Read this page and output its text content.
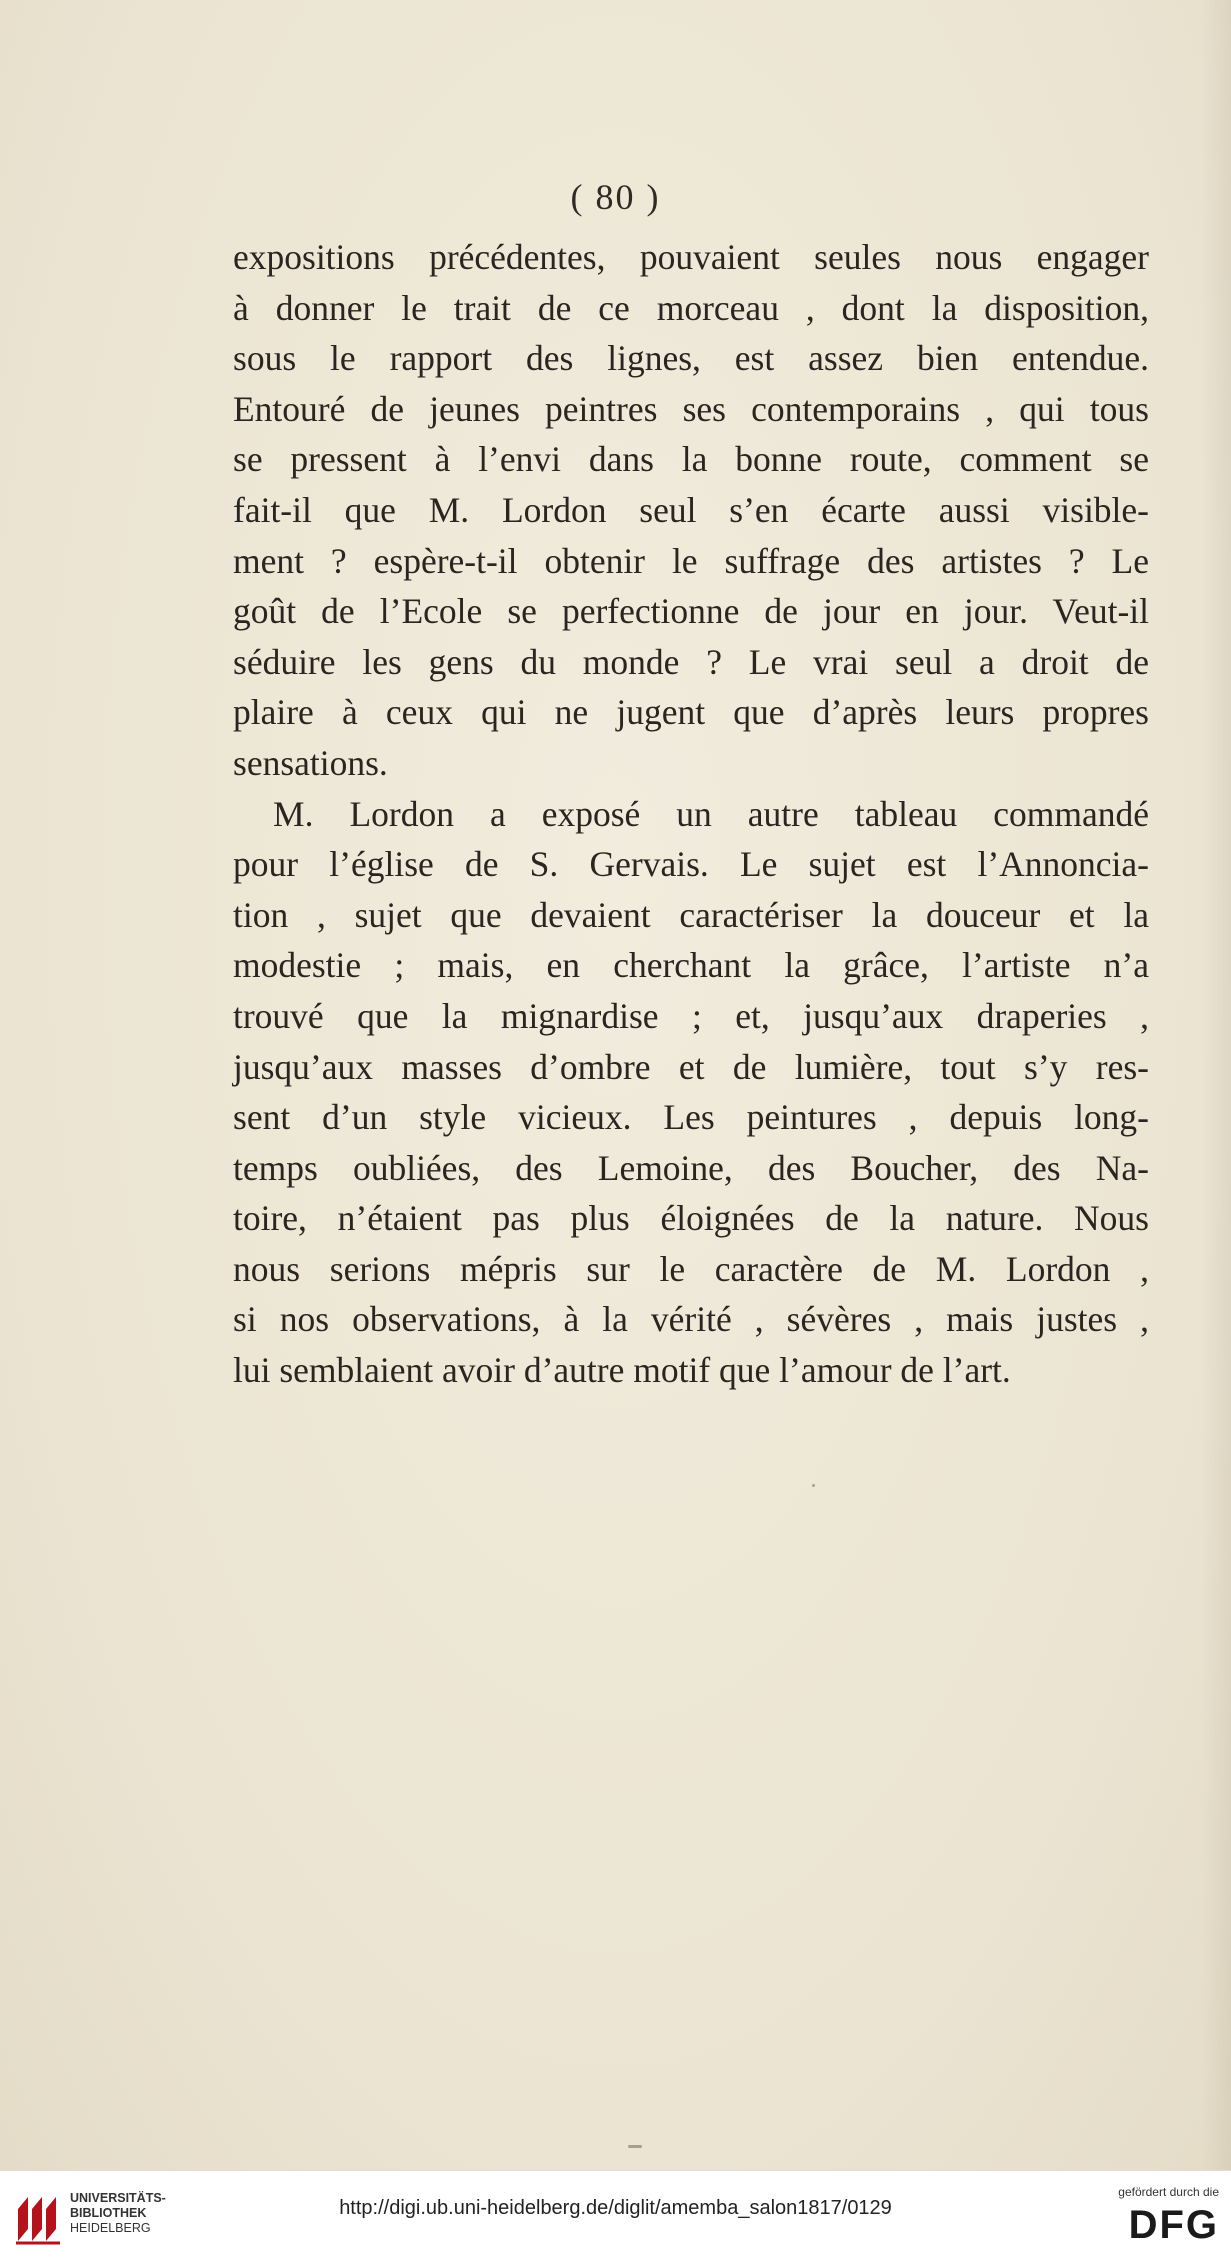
( 80 )

expositions précédentes, pouvaient seules nous engager
à donner le trait de ce morceau , dont la disposition,
sous le rapport des lignes, est assez bien entendue.
Entouré de jeunes peintres ses contemporains , qui tous
se pressent à l’envi dans la bonne route, comment se
fait-il que M. Lordon seul s’en écarte aussi visible-
ment ? espère-t-il obtenir le suffrage des artistes ? Le
goût de l’Ecole se perfectionne de jour en jour. Veut-il
séduire les gens du monde ? Le vrai seul a droit de
plaire à ceux qui ne jugent que d’après leurs propres
sensations.

M. Lordon a exposé un autre tableau commandé
pour l’église de S. Gervais. Le sujet est l’Annoncia-
tion , sujet que devaient caractériser la douceur et la
modestie ; mais, en cherchant la grâce, l’artiste n’a
trouvé que la mignardise ; et, jusqu’aux draperies ,
jusqu’aux masses d’ombre et de lumière, tout s’y res-
sent d’un style vicieux. Les peintures , depuis long-
temps oubliées, des Lemoine, des Boucher, des Na-
toire, n’étaient pas plus éloignées de la nature. Nous
nous serions mépris sur le caractère de M. Lordon ,
si nos observations, à la vérité , sévères , mais justes ,
lui semblaient avoir d’autre motif que l’amour de l’art.

UNIVERSITÄTS-
BIBLIOTHEK
HEIDELBERG
http://digi.ub.uni-heidelberg.de/diglit/amemba_salon1817/0129
gefördert durch die
DFG
